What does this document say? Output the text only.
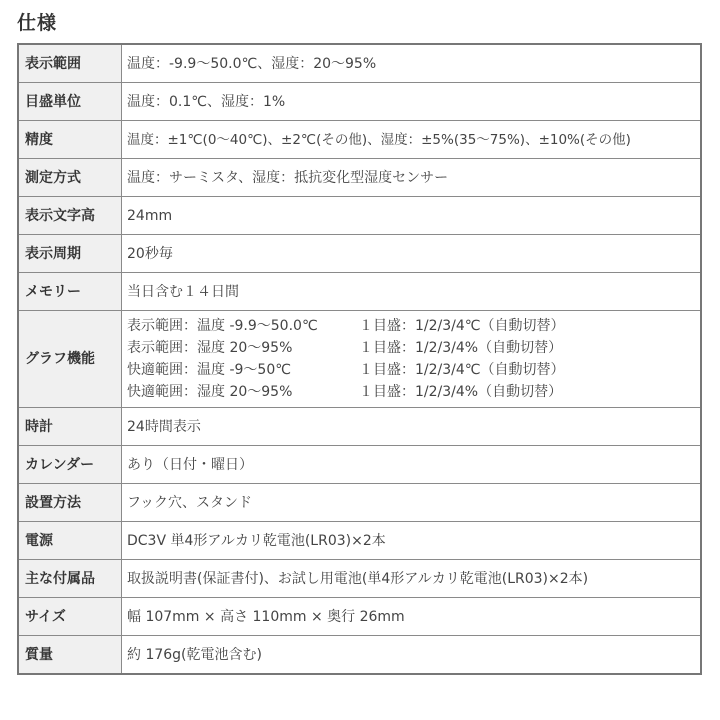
仕様
表示範囲	温度：-9.9～50.0℃、湿度：20～95%
目盛単位	温度：0.1℃、湿度：1%
精度	温度：±1℃(0～40℃)、±2℃(その他)、湿度：±5%(35～75%)、±10%(その他)
測定方式	温度：サーミスタ、湿度：抵抗変化型湿度センサー
表示文字高	24mm
表示周期	20秒毎
メモリー	当日含む１４日間
グラフ機能	表示範囲：温度 -9.9～50.0℃ １目盛：1/2/3/4℃（自動切替）
表示範囲：湿度 20～95% １目盛：1/2/3/4%（自動切替）
快適範囲：温度 -9～50℃ １目盛：1/2/3/4℃（自動切替）
快適範囲：湿度 20～95% １目盛：1/2/3/4%（自動切替）

時計	24時間表示
カレンダー	あり（日付・曜日）
設置方法	フック穴、スタンド
電源	DC3V 単4形アルカリ乾電池(LR03)×2本
主な付属品	取扱説明書(保証書付)、お試し用電池(単4形アルカリ乾電池(LR03)×2本)
サイズ	幅 107mm × 高さ 110mm × 奥行 26mm
質量	約 176g(乾電池含む)
